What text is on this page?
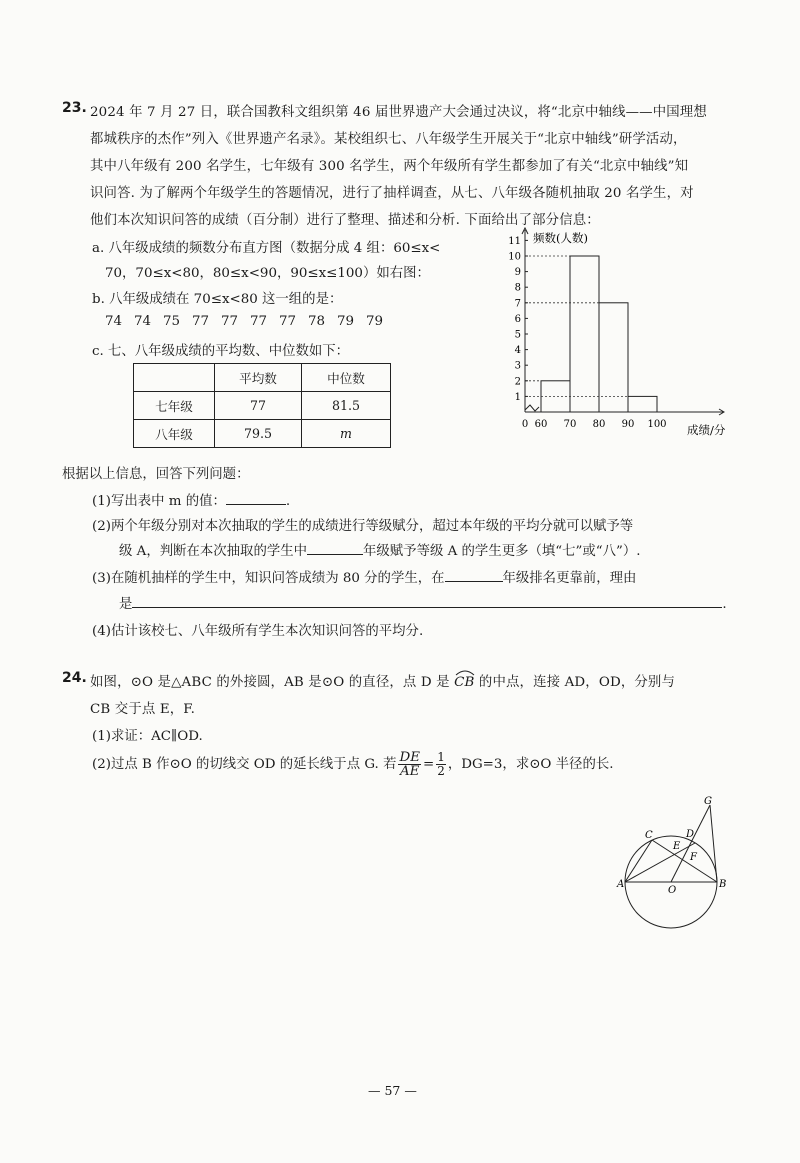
23. 2024 年 7 月 27 日，联合国教科文组织第 46 届世界遗产大会通过决议，将“北京中轴线——中国理想
都城秩序的杰作”列入《世界遗产名录》。某校组织七、八年级学生开展关于“北京中轴线”研学活动，
其中八年级有 200 名学生，七年级有 300 名学生，两个年级所有学生都参加了有关“北京中轴线”知
识问答. 为了解两个年级学生的答题情况，进行了抽样调查，从七、八年级各随机抽取 20 名学生，对
他们本次知识问答的成绩（百分制）进行了整理、描述和分析. 下面给出了部分信息：
a. 八年级成绩的频数分布直方图（数据分成 4 组：60≤x<
70，70≤x<80，80≤x<90，90≤x≤100）如右图：
b. 八年级成绩在 70≤x<80 这一组的是：
74 74 75 77 77 77 77 78 79 79
c. 七、八年级成绩的平均数、中位数如下：
	平均数	中位数
七年级	77	81.5
八年级	79.5	m
1
2
3
4
5
6
7
8
9
10
11
0 60 70 80 90 100
频数(人数)
成绩/分
根据以上信息，回答下列问题：
(1)写出表中 m 的值：	.
(2)两个年级分别对本次抽取的学生的成绩进行等级赋分，超过本年级的平均分就可以赋予等
级 A，判断在本次抽取的学生中	年级赋予等级 A 的学生更多（填“七”或“八”）.
(3)在随机抽样的学生中，知识问答成绩为 80 分的学生，在	年级排名更靠前，理由
是	.
(4)估计该校七、八年级所有学生本次知识问答的平均分.
24. 如图，⊙O 是△ABC 的外接圆，AB 是⊙O 的直径，点 D 是 CB 的中点，连接 AD，OD，分别与
CB 交于点 E，F.
(1)求证：AC∥OD.
(2)过点 B 作⊙O 的切线交 OD 的延长线于点 G. 若 $\frac{DE}{AE} = \frac{1}{2}$ ，DG=3，求⊙O 半径的长.
G
C	D
E
F
A	B
O
— 57 —
